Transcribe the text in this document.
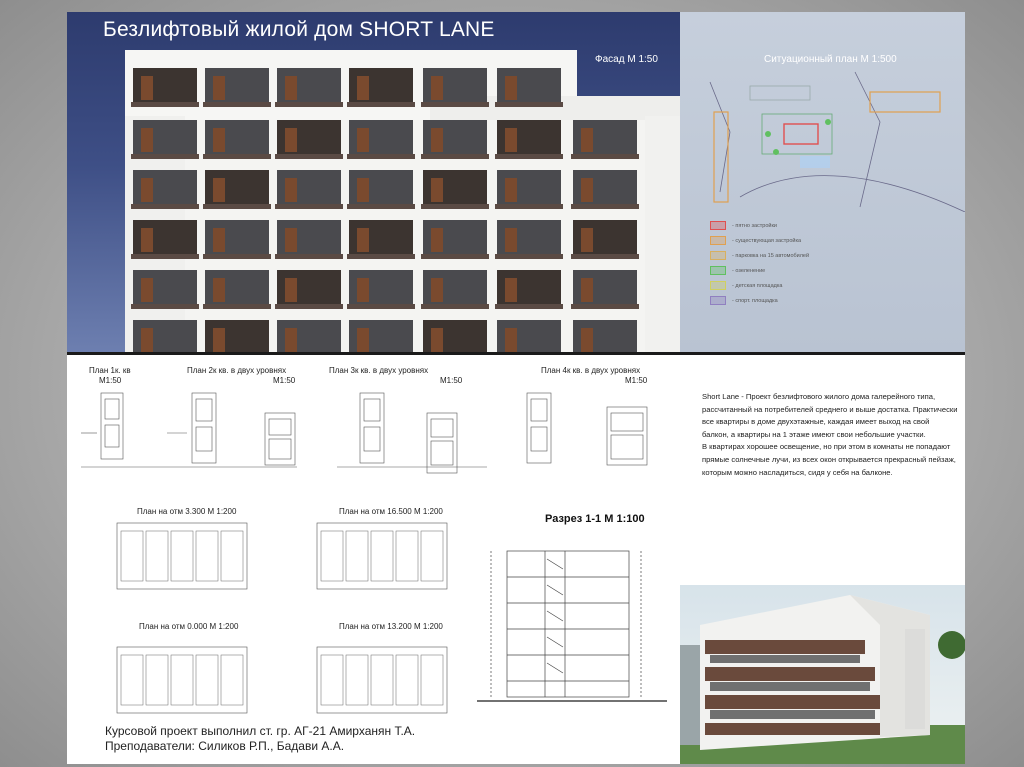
Безлифтовый жилой дом SHORT LANE
Фасад М 1:50	Ситуационный план М 1:500
- пятно застройки
- существующая застройка
- парковка на 15 автомобилей
- озеленение
- детская площадка
- спорт. площадка
План 1к. кв
М1:50
План 2к кв. в двух уровнях
М1:50
План 3к кв. в двух уровнях
М1:50
План 4к кв. в двух уровнях
М1:50
План на отм 3.300 М 1:200	План на отм 16.500 М 1:200
План на отм 0.000 М 1:200	План на отм 13.200 М 1:200
Разрез 1-1 М 1:100
Курсовой проект выполнил ст. гр. АГ-21 Амирханян Т.А.
Преподаватели: Силиков Р.П., Бадави А.А.
Short Lane - Проект безлифтового жилого дома галерейного типа, рассчитанный на потребителей среднего и выше достатка. Практически все квартиры в доме двухэтажные, каждая имеет выход на свой балкон, а квартиры на 1 этаже имеют свои небольшие участки.
В квартирах хорошее освещение, но при этом в комнаты не попадают прямые солнечные лучи, из всех окон открывается прекрасный пейзаж, которым можно насладиться, сидя у себя на балконе.
